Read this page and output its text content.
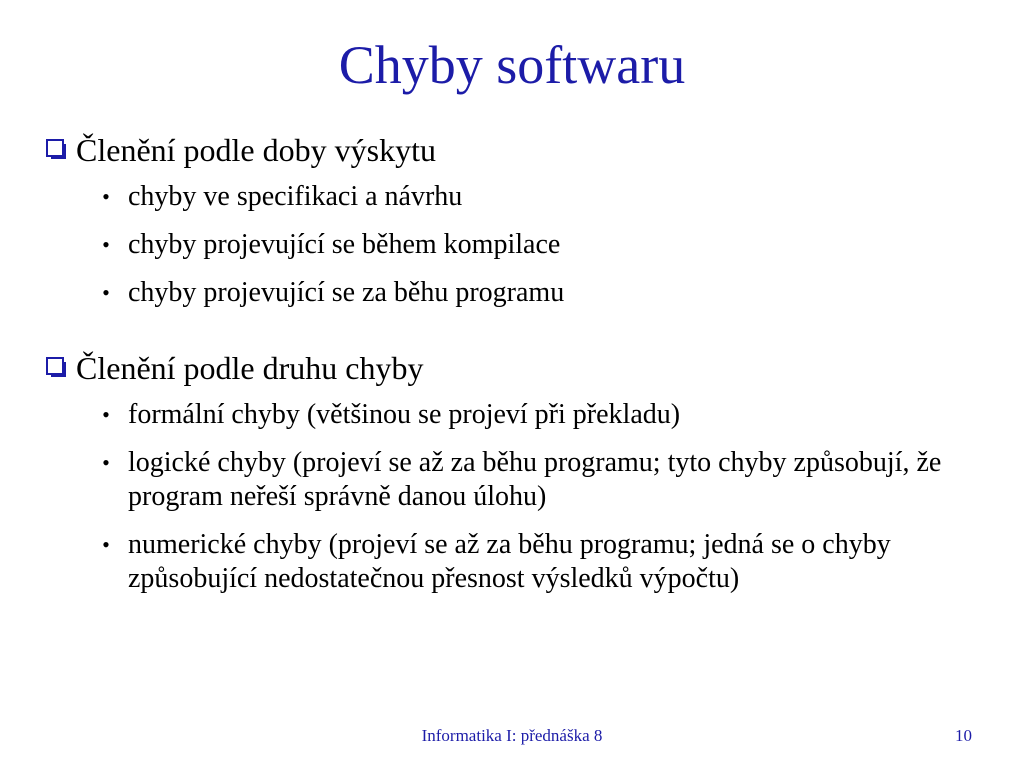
Chyby softwaru
Členění podle doby výskytu
• chyby ve specifikaci a návrhu
• chyby projevující se během kompilace
• chyby projevující se za běhu programu
Členění podle druhu chyby
• formální chyby (většinou se projeví při překladu)
• logické chyby (projeví se až za běhu programu; tyto chyby způsobují, že program neřeší správně danou úlohu)
• numerické chyby (projeví se až za běhu programu; jedná se o chyby způsobující nedostatečnou přesnost výsledků výpočtu)
Informatika I: přednáška 8	10
